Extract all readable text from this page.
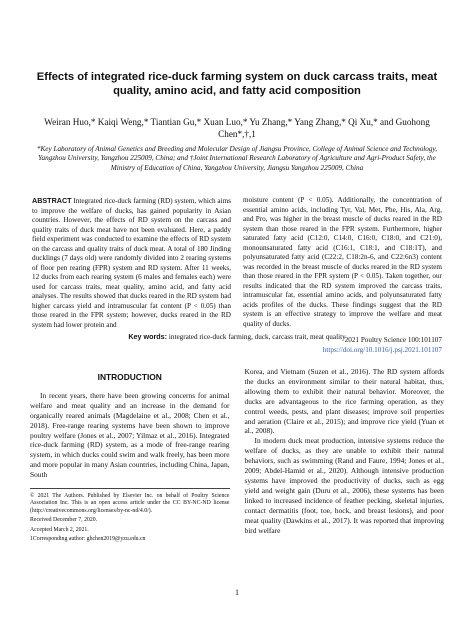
Effects of integrated rice-duck farming system on duck carcass traits, meat quality, amino acid, and fatty acid composition
Weiran Huo,* Kaiqi Weng,* Tiantian Gu,* Xuan Luo,* Yu Zhang,* Yang Zhang,* Qi Xu,* and Guohong Chen*,†,1
*Key Laboratory of Animal Genetics and Breeding and Molecular Design of Jiangsu Province, College of Animal Science and Technology, Yangzhou University, Yangzhou 225009, China; and †Joint International Research Laboratory of Agriculture and Agri-Product Safety, the Ministry of Education of China, Yangzhou University, Jiangsu Yangzhou 225009, China
ABSTRACT Integrated rice-duck farming (RD) system, which aims to improve the welfare of ducks, has gained popularity in Asian countries. However, the effects of RD system on the carcass and quality traits of duck meat have not been evaluated. Here, a paddy field experiment was conducted to examine the effects of RD system on the carcass and quality traits of duck meat. A total of 180 Jinding ducklings (7 days old) were randomly divided into 2 rearing systems of floor pen rearing (FPR) system and RD system. After 11 weeks, 12 ducks from each rearing system (6 males and females each) were used for carcass traits, meat quality, amino acid, and fatty acid analyses. The results showed that ducks reared in the RD system had higher carcass yield and intramuscular fat content (P < 0.05) than those reared in the FPR system; however, ducks reared in the RD system had lower protein and
moisture content (P < 0.05). Additionally, the concentration of essential amino acids, including Tyr, Val, Met, Phe, His, Ala, Arg, and Pro, was higher in the breast muscle of ducks reared in the RD system than those reared in the FPR system. Furthermore, higher saturated fatty acid (C12:0, C14:0, C16:0, C18:0, and C21:0), monounsaturated fatty acid (C16:1, C18:1, and C18:1T), and polyunsaturated fatty acid (C22:2, C18:2n-6, and C22:6n3) content was recorded in the breast muscle of ducks reared in the RD system than those reared in the FPR system (P < 0.05). Taken together, our results indicated that the RD system improved the carcass traits, intramuscular fat, essential amino acids, and polyunsaturated fatty acids profiles of the ducks. These findings suggest that the RD system is an effective strategy to improve the welfare and meat quality of ducks.
Key words: integrated rice-duck farming, duck, carcass trait, meat quality
2021 Poultry Science 100:101107
https://doi.org/10.1016/j.psj.2021.101107
INTRODUCTION

In recent years, there have been growing concerns for animal welfare and meat quality and an increase in the demand for organically reared animals (Magdelaine et al., 2008; Chen et al., 2018). Free-range rearing systems have been shown to improve poultry welfare (Jones et al., 2007; Yilmaz et al., 2016). Integrated rice-duck farming (RD) system, as a mode of free-range rearing system, in which ducks could swim and walk freely, has been more and more popular in many Asian countries, including China, Japan, South

© 2021 The Authors. Published by Elsevier Inc. on behalf of Poultry Science Association Inc. This is an open access article under the CC BY-NC-ND license (http://creativecommons.org/licenses/by-nc-nd/4.0/).

Received December 7, 2020.

Accepted March 2, 2021.

1Corresponding author: ghchen2019@yzu.edu.cn

Korea, and Vietnam (Suzen et al., 2016). The RD system affords the ducks an environment similar to their natural habitat, thus, allowing them to exhibit their natural behavior. Moreover, the ducks are advantageous to the rice farming operation, as they control weeds, pests, and plant diseases; improve soil properties and aeration (Claire et al., 2015); and improve rice yield (Yuan et al., 2008).

In modern duck meat production, intensive systems reduce the welfare of ducks, as they are unable to exhibit their natural behaviors, such as swimming (Rand and Faure, 1994; Jones et al., 2009; Abdel-Hamid et al., 2020). Although intensive production systems have improved the productivity of ducks, such as egg yield and weight gain (Duru et al., 2006), these systems has been linked to increased incidence of feather pecking, skeletal injuries, contact dermatitis (foot, toe, hock, and breast lesions), and poor meat quality (Dawkins et al., 2017). It was reported that improving bird welfare

1
